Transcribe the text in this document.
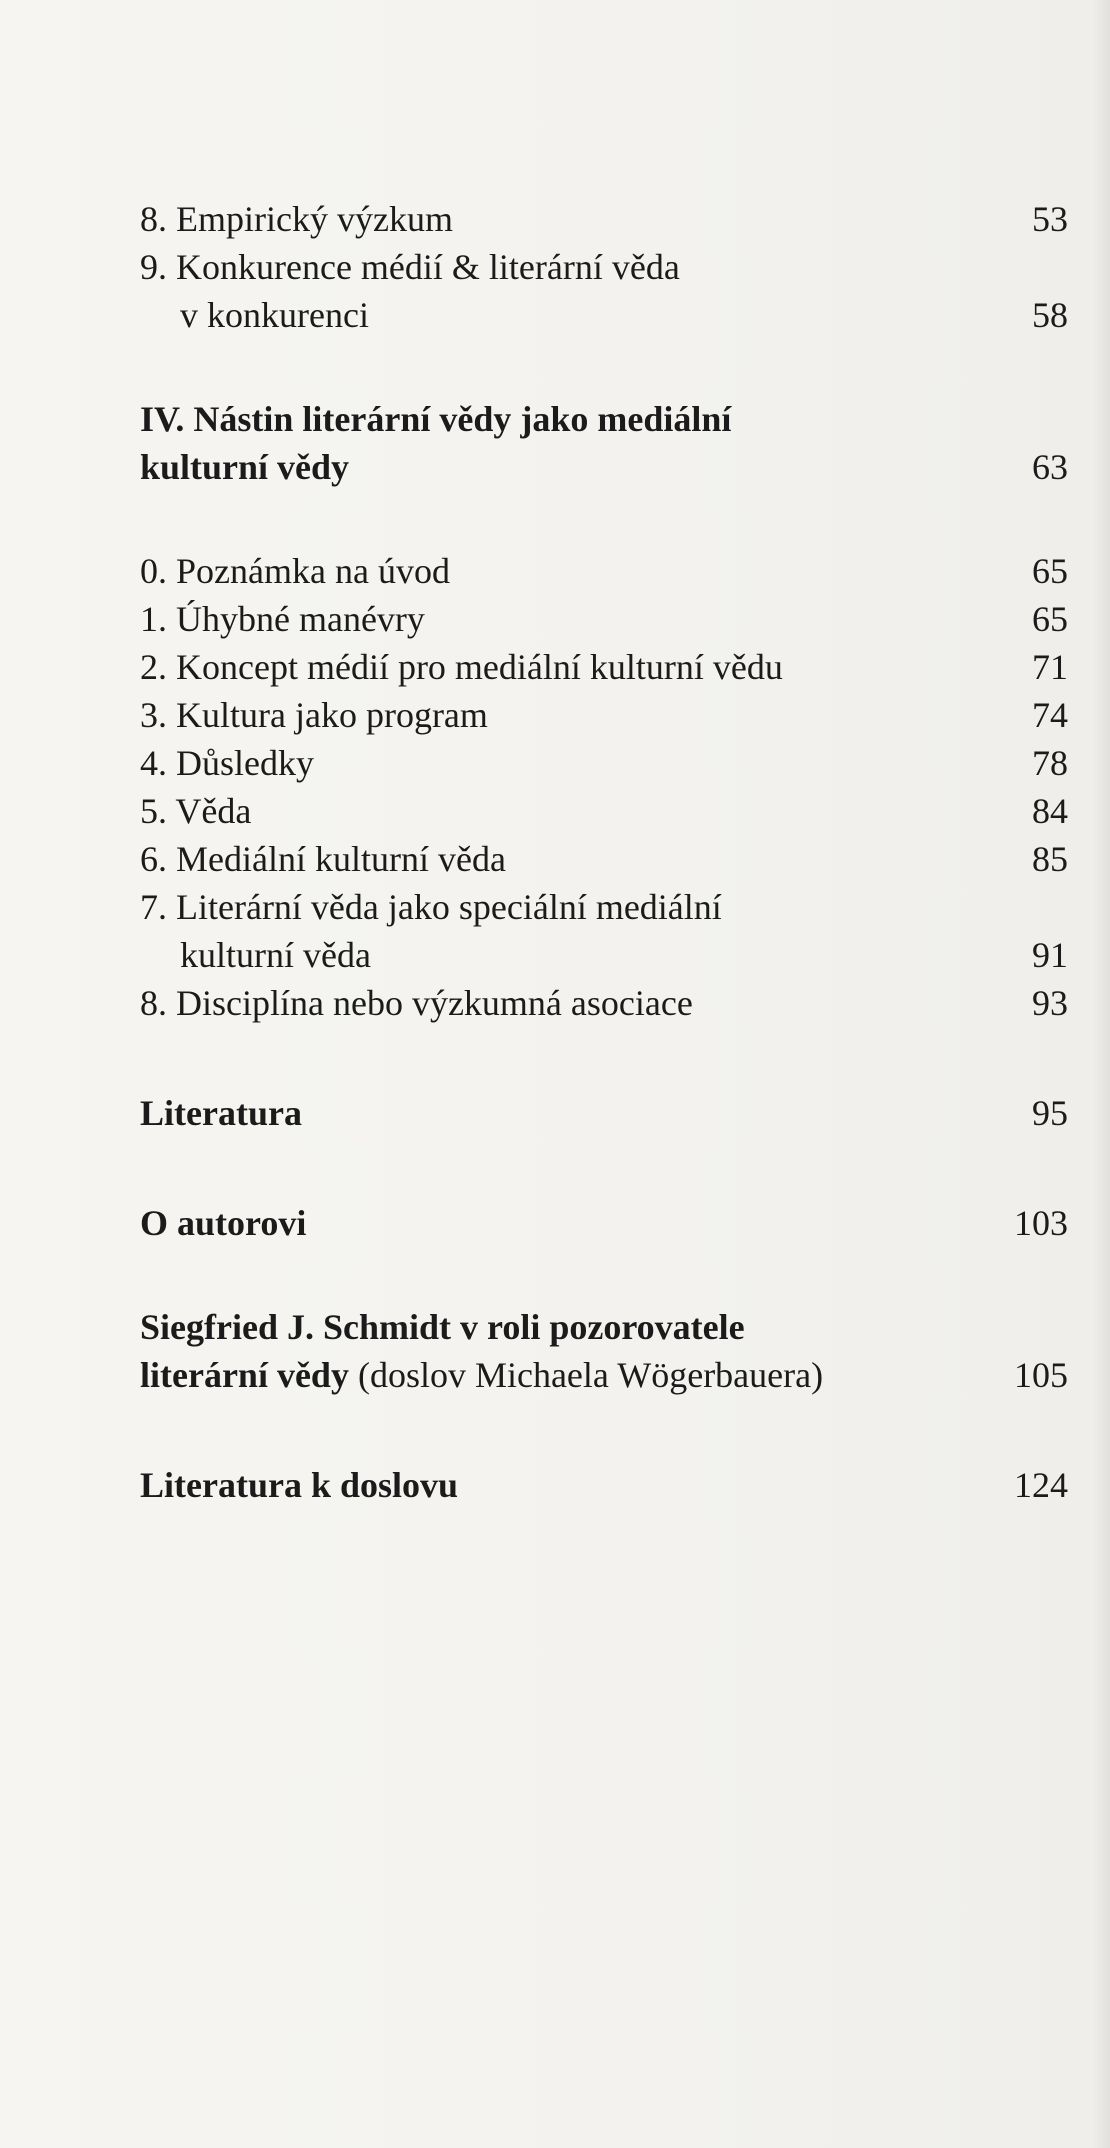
8. Empirický výzkum	53
9. Konkurence médií & literární věda
v konkurenci	58
IV. Nástin literární vědy jako mediální
kulturní vědy	63
0. Poznámka na úvod	65
1. Úhybné manévry	65
2. Koncept médií pro mediální kulturní vědu	71
3. Kultura jako program	74
4. Důsledky	78
5. Věda	84
6. Mediální kulturní věda	85
7. Literární věda jako speciální mediální
kulturní věda	91
8. Disciplína nebo výzkumná asociace	93
Literatura	95
O autorovi	103
Siegfried J. Schmidt v roli pozorovatele
literární vědy (doslov Michaela Wögerbauera)	105
Literatura k doslovu	124
